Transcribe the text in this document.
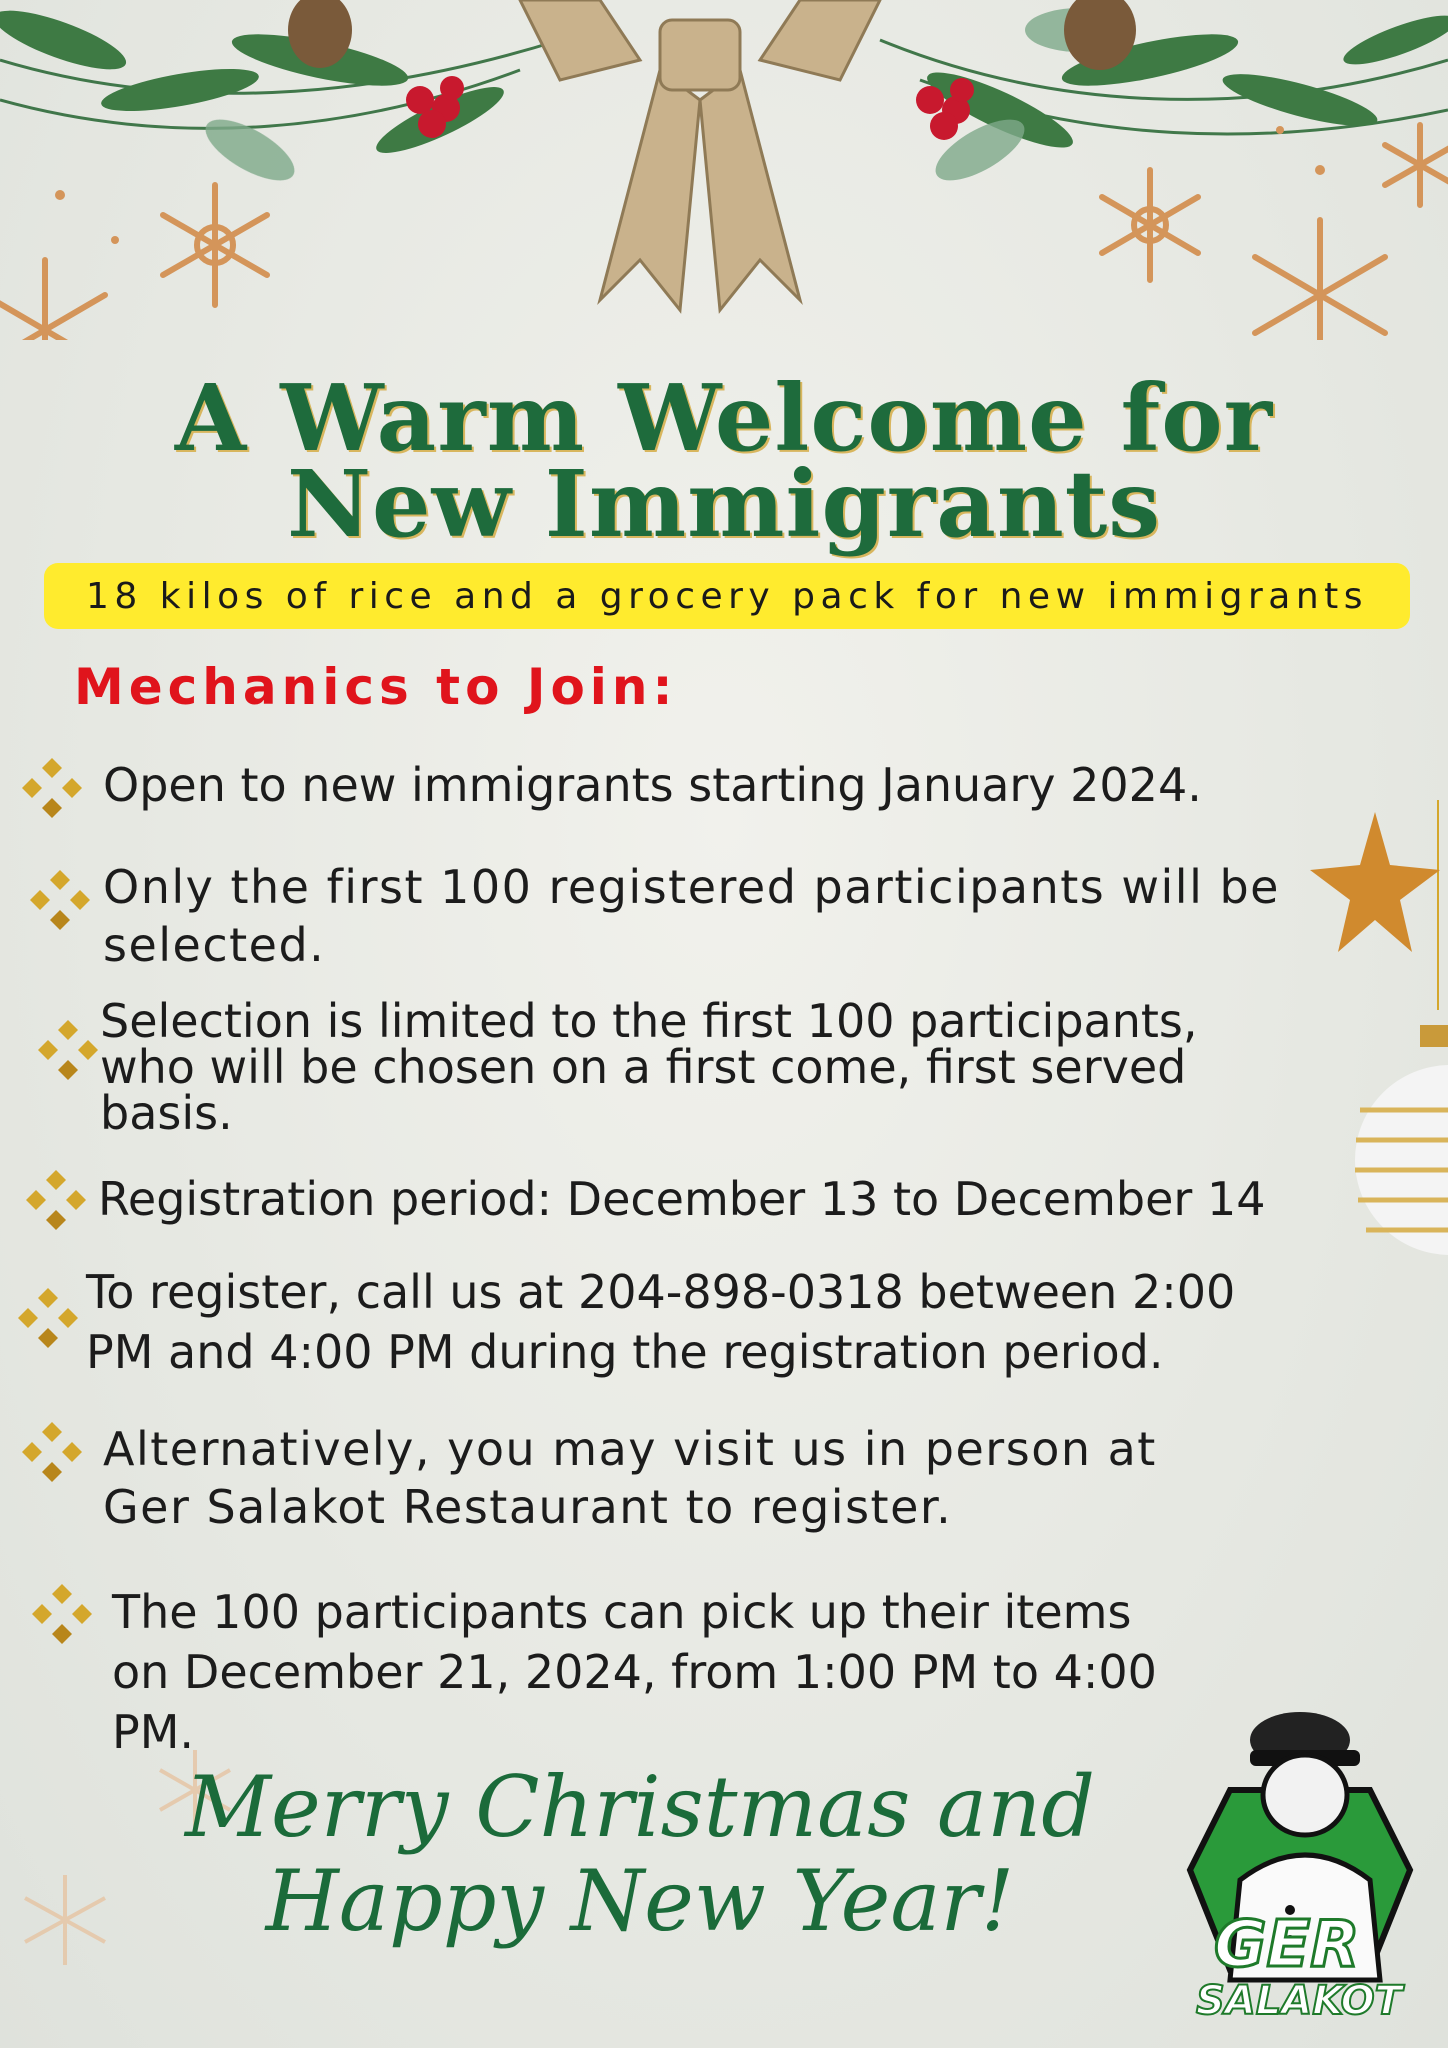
A Warm Welcome for
New Immigrants
18 kilos of rice and a grocery pack for new immigrants
Mechanics to Join:
Open to new immigrants starting January 2024.
Only the first 100 registered participants will be
selected.
Selection is limited to the first 100 participants,
who will be chosen on a first come, first served
basis.
Registration period: December 13 to December 14
To register, call us at 204-898-0318 between 2:00
PM and 4:00 PM during the registration period.
Alternatively, you may visit us in person at
Ger Salakot Restaurant to register.
The 100 participants can pick up their items
on December 21, 2024, from 1:00 PM to 4:00
PM.
Merry Christmas and
Happy New Year!	GER
SALAKOT
